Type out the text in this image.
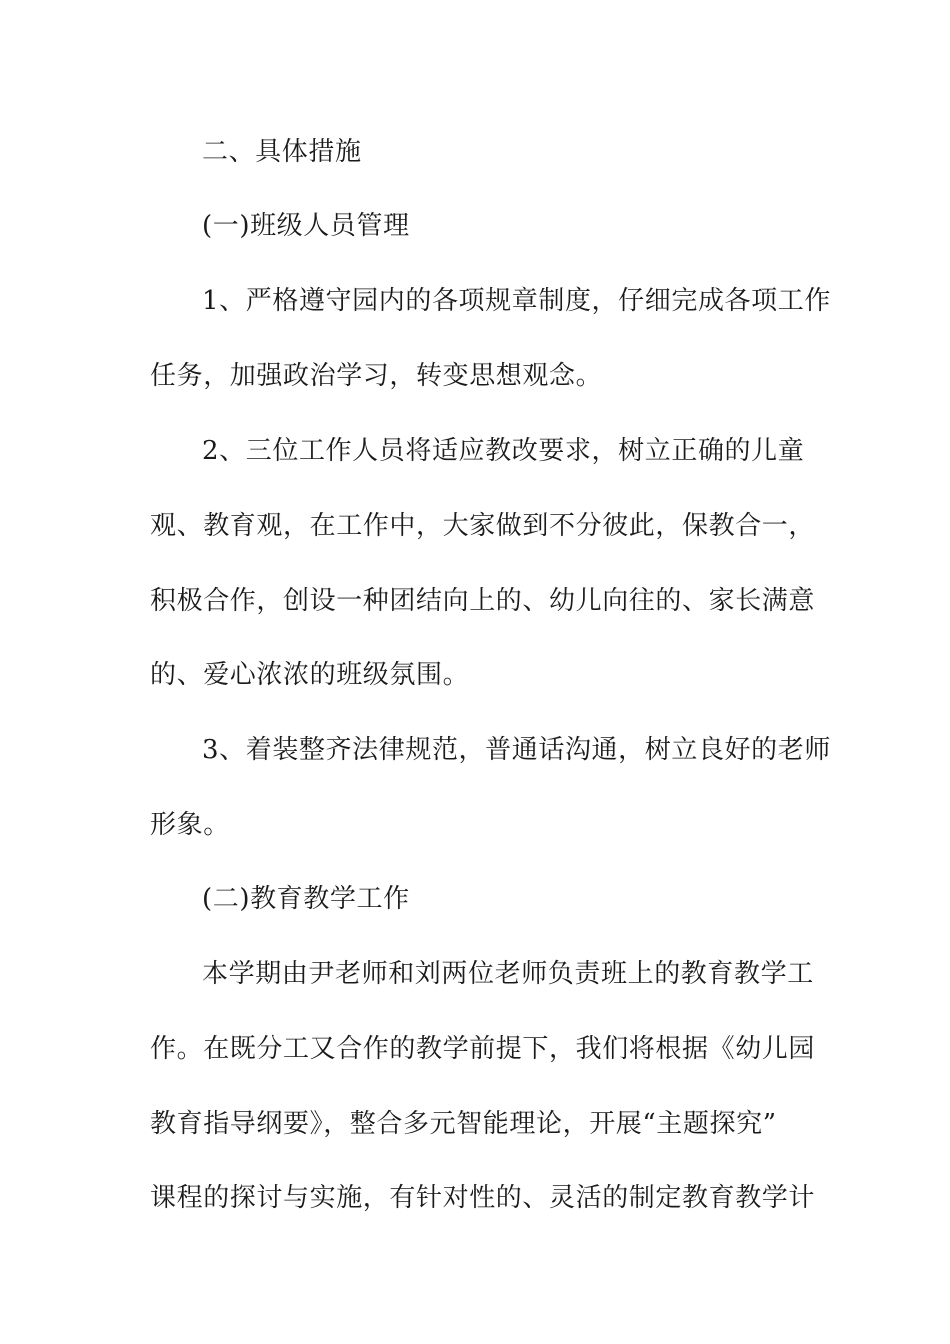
二、具体措施

(一)班级人员管理

1、严格遵守园内的各项规章制度，仔细完成各项工作

任务，加强政治学习，转变思想观念。

2、三位工作人员将适应教改要求，树立正确的儿童

观、教育观，在工作中，大家做到不分彼此，保教合一，

积极合作，创设一种团结向上的、幼儿向往的、家长满意

的、爱心浓浓的班级氛围。

3、着装整齐法律规范，普通话沟通，树立良好的老师

形象。

(二)教育教学工作

本学期由尹老师和刘两位老师负责班上的教育教学工

作。在既分工又合作的教学前提下，我们将根据《幼儿园

教育指导纲要》，整合多元智能理论，开展“主题探究”

课程的探讨与实施，有针对性的、灵活的制定教育教学计
